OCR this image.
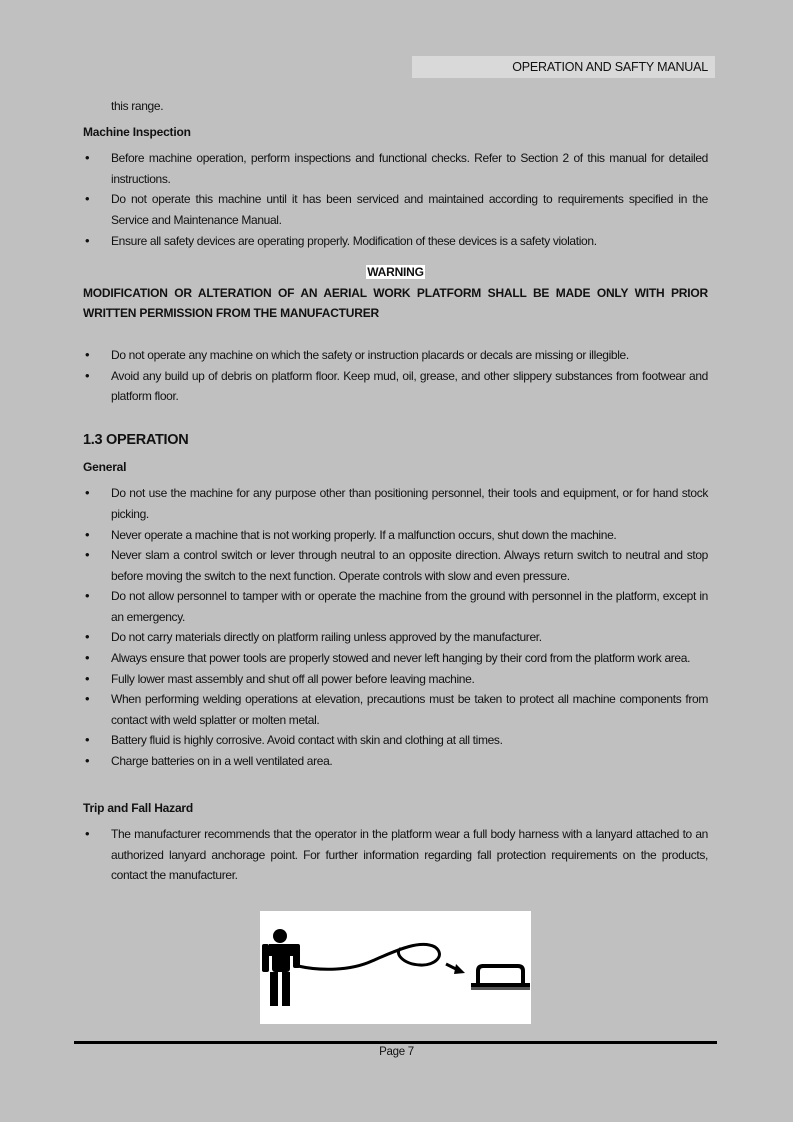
OPERATION AND SAFTY MANUAL
this range.
Machine Inspection
• Before machine operation, perform inspections and functional checks. Refer to Section 2 of this manual for detailed instructions.
• Do not operate this machine until it has been serviced and maintained according to requirements specified in the Service and Maintenance Manual.
• Ensure all safety devices are operating properly. Modification of these devices is a safety violation.
WARNING
MODIFICATION OR ALTERATION OF AN AERIAL WORK PLATFORM SHALL BE MADE ONLY WITH PRIOR WRITTEN PERMISSION FROM THE MANUFACTURER
• Do not operate any machine on which the safety or instruction placards or decals are missing or illegible.
• Avoid any build up of debris on platform floor. Keep mud, oil, grease, and other slippery substances from footwear and platform floor.
1.3 OPERATION
General
• Do not use the machine for any purpose other than positioning personnel, their tools and equipment, or for hand stock picking.
• Never operate a machine that is not working properly. If a malfunction occurs, shut down the machine.
• Never slam a control switch or lever through neutral to an opposite direction. Always return switch to neutral and stop before moving the switch to the next function. Operate controls with slow and even pressure.
• Do not allow personnel to tamper with or operate the machine from the ground with personnel in the platform, except in an emergency.
• Do not carry materials directly on platform railing unless approved by the manufacturer.
• Always ensure that power tools are properly stowed and never left hanging by their cord from the platform work area.
• Fully lower mast assembly and shut off all power before leaving machine.
• When performing welding operations at elevation, precautions must be taken to protect all machine components from contact with weld splatter or molten metal.
• Battery fluid is highly corrosive. Avoid contact with skin and clothing at all times.
• Charge batteries on in a well ventilated area.
Trip and Fall Hazard
• The manufacturer recommends that the operator in the platform wear a full body harness with a lanyard attached to an authorized lanyard anchorage point. For further information regarding fall protection requirements on the products, contact the manufacturer.
Page 7
